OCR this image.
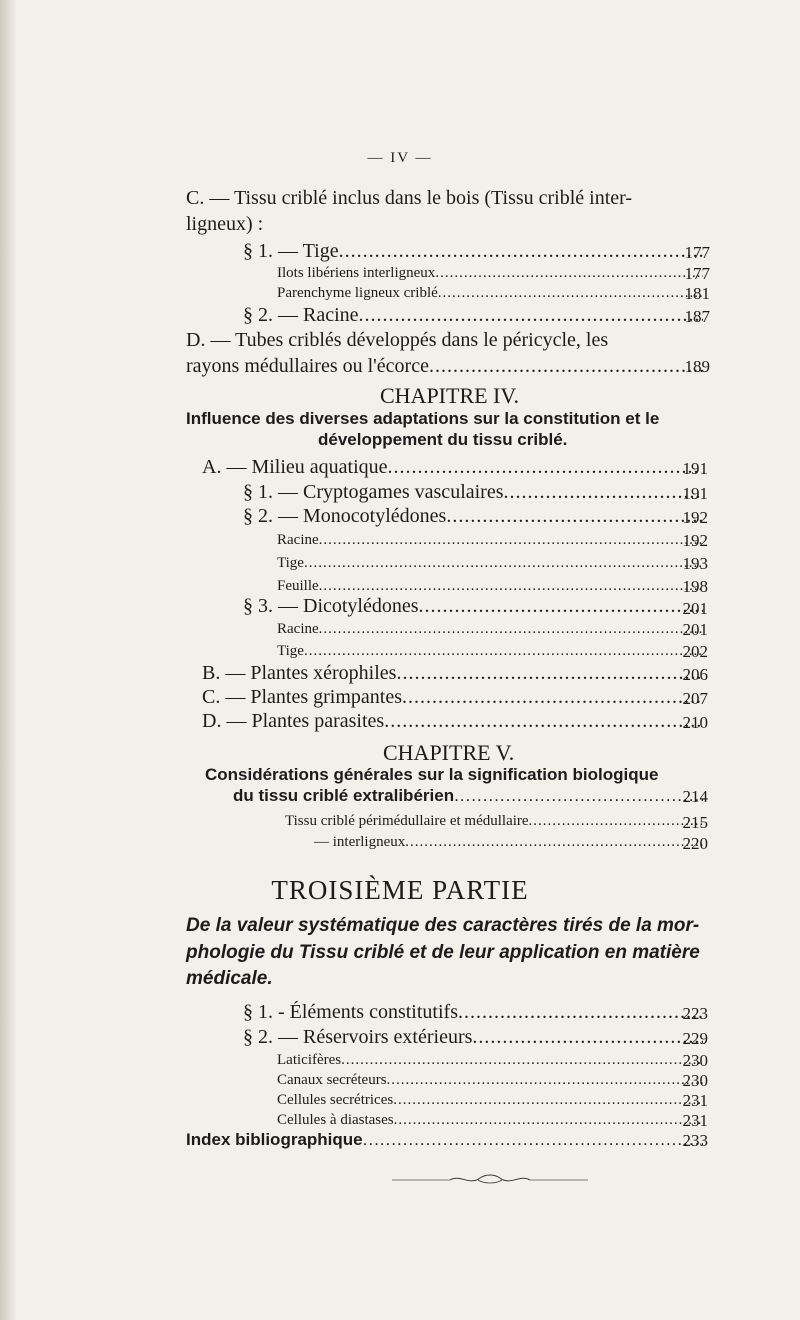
— IV —
C. — Tissu criblé inclus dans le bois (Tissu criblé inter-
ligneux) :
§ 1. — Tige .....	177
Ilots libériens interligneux .....	177
Parenchyme ligneux criblé .....	181
§ 2. — Racine .....	187
D. — Tubes criblés développés dans le péricycle, les
rayons médullaires ou l'écorce .....	189
CHAPITRE IV.
Influence des diverses adaptations sur la constitution et le
développement du tissu criblé.
A. — Milieu aquatique .....	191
§ 1. — Cryptogames vasculaires .....	191
§ 2. — Monocotylédones .....	192
Racine .....	192
Tige .....	193
Feuille .....	198
§ 3. — Dicotylédones .....	201
Racine .....	201
Tige .....	202
B. — Plantes xérophiles .....	206
C. — Plantes grimpantes .....	207
D. — Plantes parasites .....	210
CHAPITRE V.
Considérations générales sur la signification biologique
du tissu criblé extralibérien .....	214
Tissu criblé périmédullaire et médullaire .....	215
— interligneux .....	220
TROISIÈME PARTIE
De la valeur systématique des caractères tirés de la mor-
phologie du Tissu criblé et de leur application en matière
médicale.
§ 1. - Éléments constitutifs .....	223
§ 2. — Réservoirs extérieurs .....	229
Laticifères .....	230
Canaux secréteurs .....	230
Cellules secrétrices .....	231
Cellules à diastases .....	231
Index bibliographique .....	233
